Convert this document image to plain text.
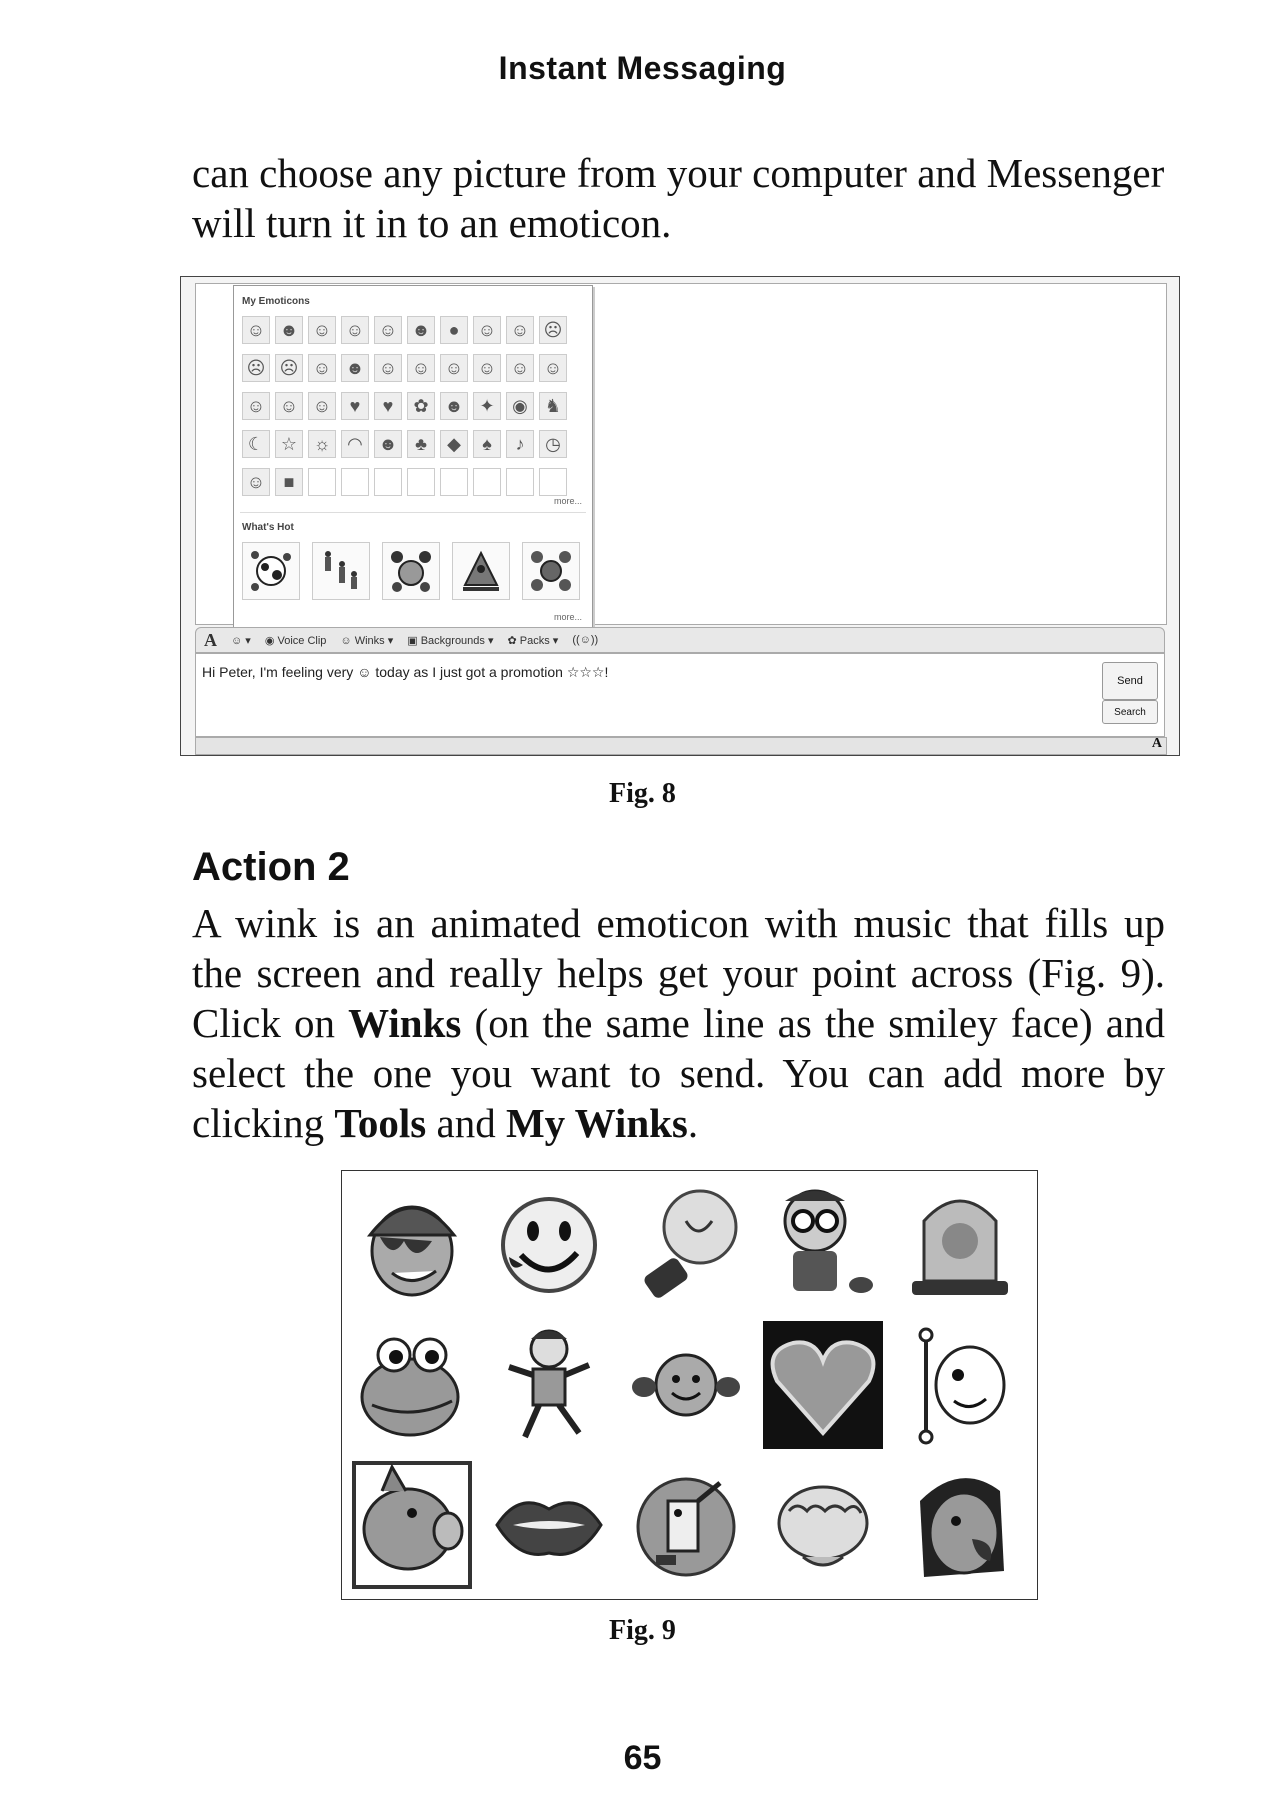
Instant Messaging
can choose any picture from your computer and Messenger will turn it in to an emoticon.
My Emoticons
☺ ☻ ☺ ☺ ☺ ☻	●	☺ ☺ ☹
☹ ☹ ☺ ☻ ☺ ☺ ☺ ☺ ☺ ☺
☺ ☺ ☺	♥	♥	✿ ☻ ✦ ◉ ♞
☾ ☆ ☼ ◠ ☻ ♣	◆	♠	♪	◷
☺	■
more...
What's Hot
more...
A ☺ ▾ ◉ Voice Clip ☺ Winks ▾ ▣ Backgrounds ▾ ✿ Packs ▾ ((☺))
Hi Peter, I'm feeling very ☺ today as I just got a promotion ☆☆☆!
Send
Search
A
Fig. 8
Action 2
A wink is an animated emoticon with music that fills up the screen and really helps get your point across (Fig. 9). Click on Winks (on the same line as the smiley face) and select the one you want to send. You can add more by clicking Tools and My Winks.
Fig. 9
65
